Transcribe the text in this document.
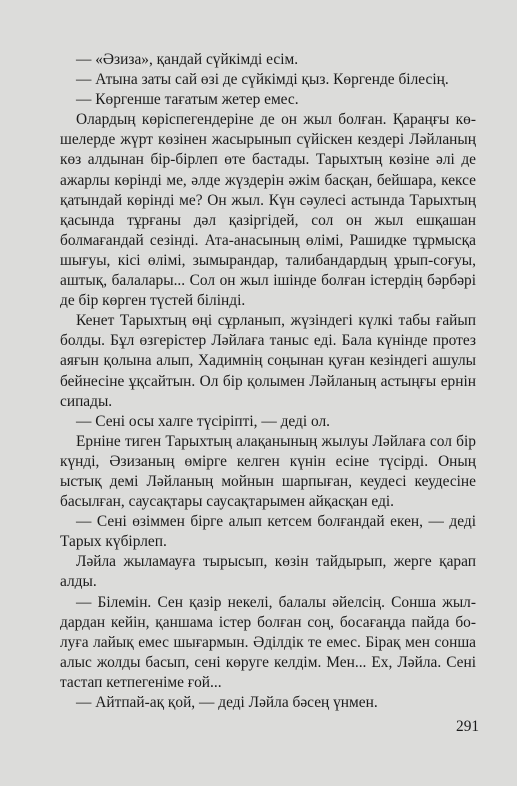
— «Әзиза», қандай сүйкімді есім.

— Атына заты сай өзі де сүйкімді қыз. Көргенде білесің.

— Көргенше тағатым жетер емес.

Олардың көріспегендеріне де он жыл болған. Қараңғы көшелерде жүрт көзінен жасырынып сүйіскен кездері Ләйланың көз алдынан бір-бірлеп өте бастады. Тарыхтың көзіне әлі де ажарлы көрінді ме, әлде жүздерін әжім басқан, бейшара, кексе қатындай көрінді ме? Он жыл. Күн сәулесі астында Тарыхтың қасында тұрғаны дәл қазіргідей, сол он жыл ешқашан болмағандай сезінді. Ата-анасының өлімі, Рашидке тұрмысқа шығуы, кісі өлімі, зымырандар, талибандардың ұрып-соғуы, аштық, балалары... Сол он жыл ішінде болған істердің бәрбәрі де бір көрген түстей білінді.

Кенет Тарыхтың өңі сұрланып, жүзіндегі күлкі табы ғайып болды. Бұл өзгерістер Ләйлаға таныс еді. Бала күнінде протез аяғын қолына алып, Хадимнің соңынан қуған кезіндегі ашулы бейнесіне ұқсайтын. Ол бір қолымен Ләйланың астыңғы ернін сипады.

— Сені осы халге түсіріпті, — деді ол.

Ерніне тиген Тарыхтың алақанының жылуы Ләйлаға сол бір күнді, Әзизаның өмірге келген күнін есіне түсірді. Оның ыстық демі Ләйланың мойнын шарпыған, кеудесі кеудесіне басылған, саусақтары саусақтарымен айқасқан еді.

— Сені өзіммен бірге алып кетсем болғандай екен, — деді Тарых күбірлеп.

Ләйла жыламауға тырысып, көзін тайдырып, жерге қарап алды.

— Білемін. Сен қазір некелі, балалы әйелсің. Сонша жылдардан кейін, қаншама істер болған соң, босағаңда пайда болуға лайық емес шығармын. Әділдік те емес. Бірақ мен сонша алыс жолды басып, сені көруге келдім. Мен... Ех, Ләйла. Сені тастап кетпегеніме ғой...

— Айтпай-ақ қой, — деді Ләйла бәсең үнмен.

291
